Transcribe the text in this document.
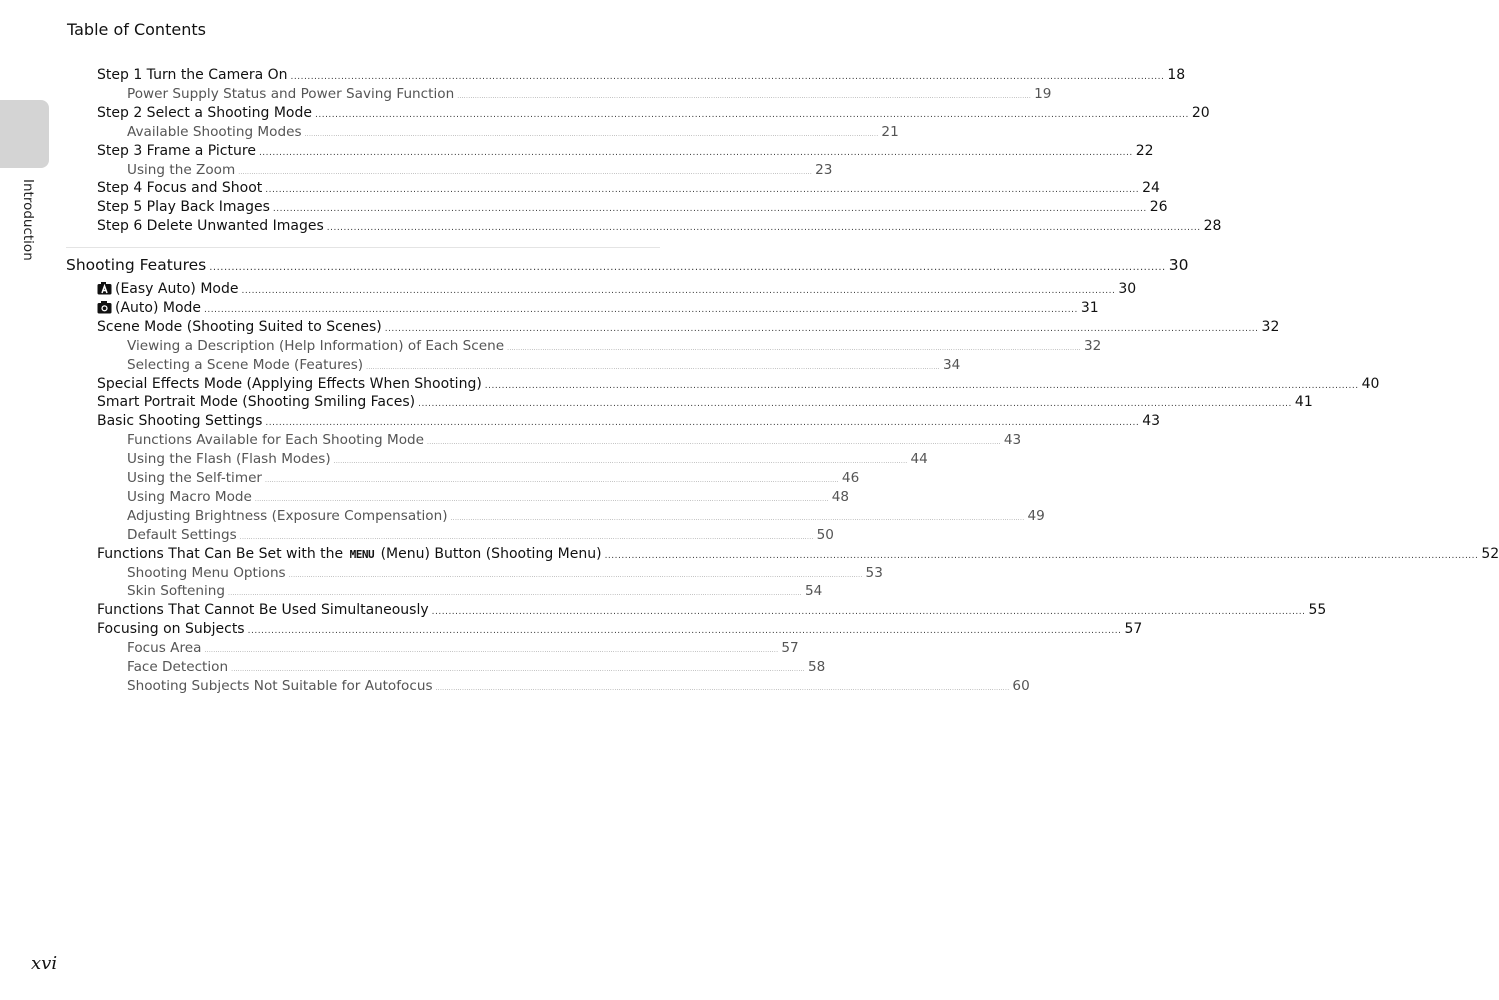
Table of Contents
Introduction
Step 1 Turn the Camera On .................................................................................................................................................................................................................................................................... 18
Power Supply Status and Power Saving Function .................................................................................................................................................................................................................................................................... 19
Step 2 Select a Shooting Mode .................................................................................................................................................................................................................................................................... 20
Available Shooting Modes .................................................................................................................................................................................................................................................................... 21
Step 3 Frame a Picture .................................................................................................................................................................................................................................................................... 22
Using the Zoom .................................................................................................................................................................................................................................................................... 23
Step 4 Focus and Shoot .................................................................................................................................................................................................................................................................... 24
Step 5 Play Back Images .................................................................................................................................................................................................................................................................... 26
Step 6 Delete Unwanted Images .................................................................................................................................................................................................................................................................... 28
Shooting Features .................................................................................................................................................................................................................................................................... 30
(Easy Auto) Mode .................................................................................................................................................................................................................................................................... 30
(Auto) Mode .................................................................................................................................................................................................................................................................... 31
Scene Mode (Shooting Suited to Scenes) .................................................................................................................................................................................................................................................................... 32
Viewing a Description (Help Information) of Each Scene .................................................................................................................................................................................................................................................................... 32
Selecting a Scene Mode (Features) .................................................................................................................................................................................................................................................................... 34
Special Effects Mode (Applying Effects When Shooting) .................................................................................................................................................................................................................................................................... 40
Smart Portrait Mode (Shooting Smiling Faces) .................................................................................................................................................................................................................................................................... 41
Basic Shooting Settings .................................................................................................................................................................................................................................................................... 43
Functions Available for Each Shooting Mode .................................................................................................................................................................................................................................................................... 43
Using the Flash (Flash Modes) .................................................................................................................................................................................................................................................................... 44
Using the Self-timer .................................................................................................................................................................................................................................................................... 46
Using Macro Mode .................................................................................................................................................................................................................................................................... 48
Adjusting Brightness (Exposure Compensation) .................................................................................................................................................................................................................................................................... 49
Default Settings .................................................................................................................................................................................................................................................................... 50
Functions That Can Be Set with the MENU (Menu) Button (Shooting Menu) .................................................................................................................................................................................................................................................................... 52
Shooting Menu Options .................................................................................................................................................................................................................................................................... 53
Skin Softening .................................................................................................................................................................................................................................................................... 54
Functions That Cannot Be Used Simultaneously .................................................................................................................................................................................................................................................................... 55
Focusing on Subjects .................................................................................................................................................................................................................................................................... 57
Focus Area .................................................................................................................................................................................................................................................................... 57
Face Detection .................................................................................................................................................................................................................................................................... 58
Shooting Subjects Not Suitable for Autofocus .................................................................................................................................................................................................................................................................... 60
xvi
